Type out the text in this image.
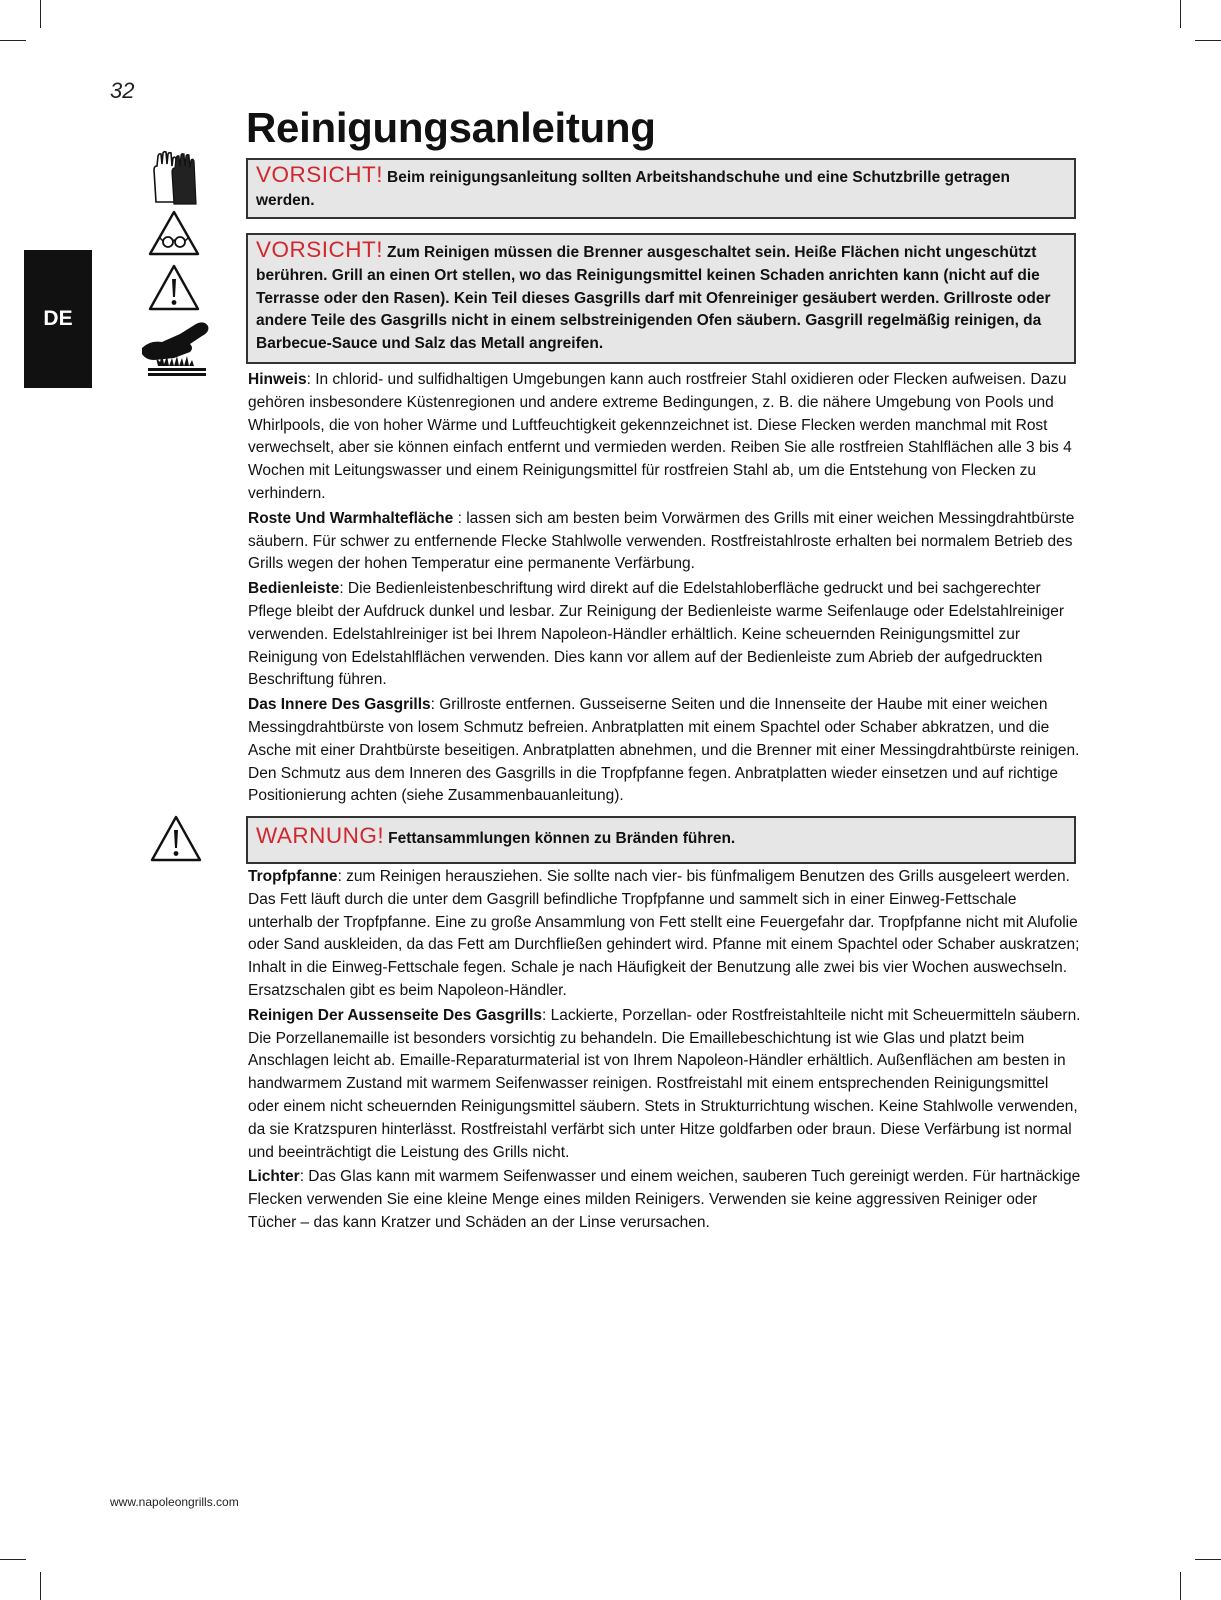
32
Reinigungsanleitung
DE
VORSICHT! Beim reinigungsanleitung sollten Arbeitshandschuhe und eine Schutzbrille getragen werden.
VORSICHT! Zum Reinigen müssen die Brenner ausgeschaltet sein. Heiße Flächen nicht ungeschützt berühren. Grill an einen Ort stellen, wo das Reinigungsmittel keinen Schaden anrichten kann (nicht auf die Terrasse oder den Rasen). Kein Teil dieses Gasgrills darf mit Ofenreiniger gesäubert werden. Grillroste oder andere Teile des Gasgrills nicht in einem selbstreinigenden Ofen säubern. Gasgrill regelmäßig reinigen, da Barbecue-Sauce und Salz das Metall angreifen.

Hinweis: In chlorid- und sulfidhaltigen Umgebungen kann auch rostfreier Stahl oxidieren oder Flecken aufweisen. Dazu gehören insbesondere Küstenregionen und andere extreme Bedingungen, z. B. die nähere Umgebung von Pools und Whirlpools, die von hoher Wärme und Luftfeuchtigkeit gekennzeichnet ist. Diese Flecken werden manchmal mit Rost verwechselt, aber sie können einfach entfernt und vermieden werden. Reiben Sie alle rostfreien Stahlflächen alle 3 bis 4 Wochen mit Leitungswasser und einem Reinigungsmittel für rostfreien Stahl ab, um die Entstehung von Flecken zu verhindern.

Roste Und Warmhaltefläche : lassen sich am besten beim Vorwärmen des Grills mit einer weichen Messingdrahtbürste säubern. Für schwer zu entfernende Flecke Stahlwolle verwenden. Rostfreistahlroste erhalten bei normalem Betrieb des Grills wegen der hohen Temperatur eine permanente Verfärbung.

Bedienleiste: Die Bedienleistenbeschriftung wird direkt auf die Edelstahloberfläche gedruckt und bei sachgerechter Pflege bleibt der Aufdruck dunkel und lesbar. Zur Reinigung der Bedienleiste warme Seifenlauge oder Edelstahlreiniger verwenden. Edelstahlreiniger ist bei Ihrem Napoleon-Händler erhältlich. Keine scheuernden Reinigungsmittel zur Reinigung von Edelstahlflächen verwenden. Dies kann vor allem auf der Bedienleiste zum Abrieb der aufgedruckten Beschriftung führen.

Das Innere Des Gasgrills: Grillroste entfernen. Gusseiserne Seiten und die Innenseite der Haube mit einer weichen Messingdrahtbürste von losem Schmutz befreien. Anbratplatten mit einem Spachtel oder Schaber abkratzen, und die Asche mit einer Drahtbürste beseitigen. Anbratplatten abnehmen, und die Brenner mit einer Messingdrahtbürste reinigen. Den Schmutz aus dem Inneren des Gasgrills in die Tropfpfanne fegen. Anbratplatten wieder einsetzen und auf richtige Positionierung achten (siehe Zusammenbauanleitung).

WARNUNG! Fettansammlungen können zu Bränden führen.

Tropfpfanne: zum Reinigen herausziehen. Sie sollte nach vier- bis fünfmaligem Benutzen des Grills ausgeleert werden. Das Fett läuft durch die unter dem Gasgrill befindliche Tropfpfanne und sammelt sich in einer Einweg-Fettschale unterhalb der Tropfpfanne. Eine zu große Ansammlung von Fett stellt eine Feuergefahr dar. Tropfpfanne nicht mit Alufolie oder Sand auskleiden, da das Fett am Durchfließen gehindert wird. Pfanne mit einem Spachtel oder Schaber auskratzen; Inhalt in die Einweg-Fettschale fegen. Schale je nach Häufigkeit der Benutzung alle zwei bis vier Wochen auswechseln. Ersatzschalen gibt es beim Napoleon-Händler.

Reinigen Der Aussenseite Des Gasgrills: Lackierte, Porzellan- oder Rostfreistahlteile nicht mit Scheuermitteln säubern. Die Porzellanemaille ist besonders vorsichtig zu behandeln. Die Emaillebeschichtung ist wie Glas und platzt beim Anschlagen leicht ab. Emaille-Reparaturmaterial ist von Ihrem Napoleon-Händler erhältlich. Außenflächen am besten in handwarmem Zustand mit warmem Seifenwasser reinigen. Rostfreistahl mit einem entsprechenden Reinigungsmittel oder einem nicht scheuernden Reinigungsmittel säubern. Stets in Strukturrichtung wischen. Keine Stahlwolle verwenden, da sie Kratzspuren hinterlässt. Rostfreistahl verfärbt sich unter Hitze goldfarben oder braun. Diese Verfärbung ist normal und beeinträchtigt die Leistung des Grills nicht.

Lichter: Das Glas kann mit warmem Seifenwasser und einem weichen, sauberen Tuch gereinigt werden. Für hartnäckige Flecken verwenden Sie eine kleine Menge eines milden Reinigers. Verwenden sie keine aggressiven Reiniger oder Tücher – das kann Kratzer und Schäden an der Linse verursachen.

www.napoleongrills.com
